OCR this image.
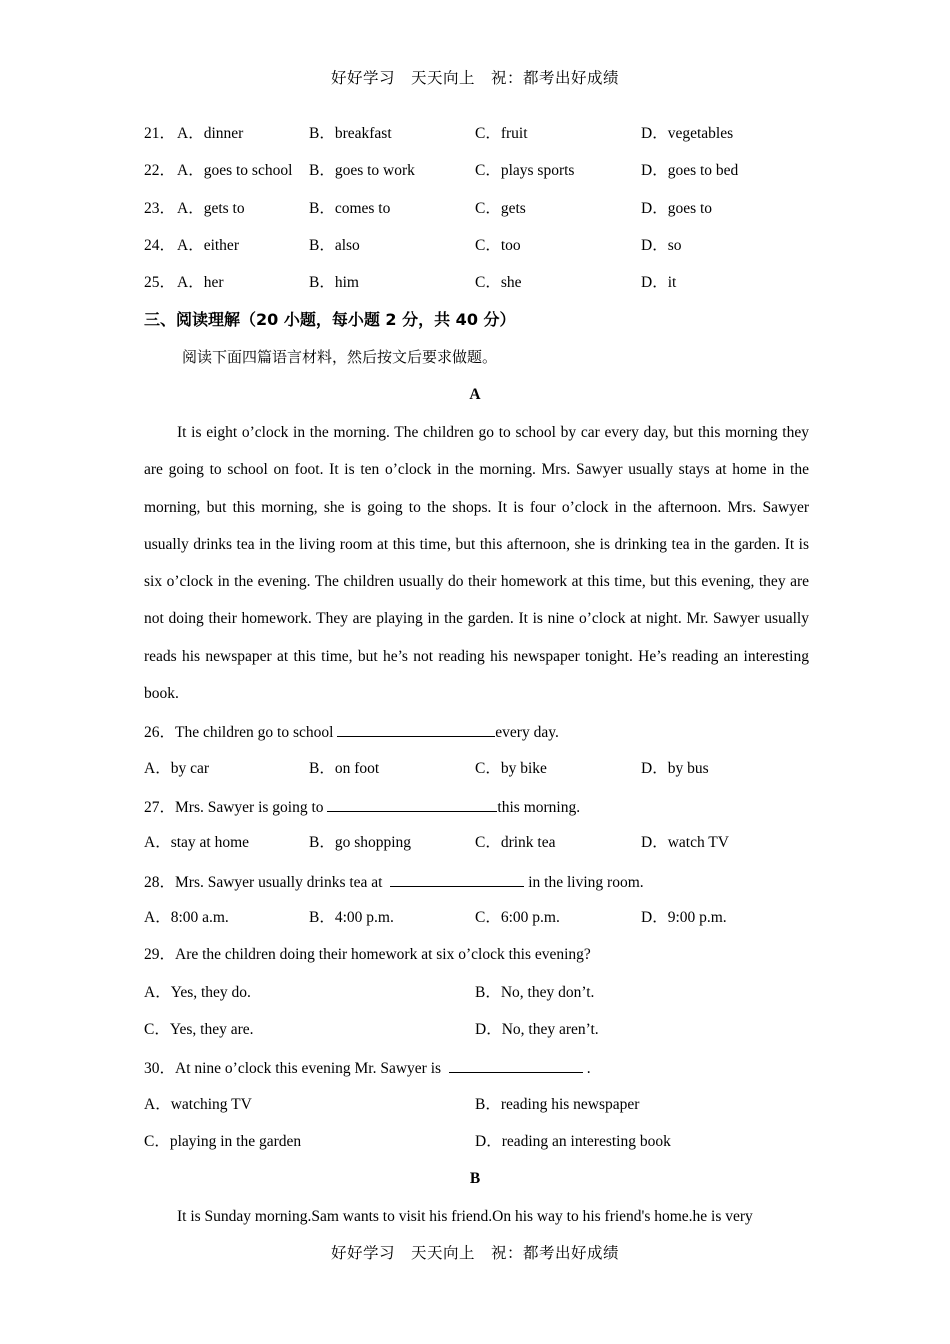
好好学习　天天向上　祝：都考出好成绩
21． A．dinner	B．breakfast	C．fruit	D．vegetables
22． A．goes to school B．goes to work	C．plays sports	D．goes to bed
23． A．gets to	B．comes to	C．gets	D．goes to
24． A．either	B．also	C．too	D．so
25． A．her	B．him	C．she	D．it
三、阅读理解（20 小题，每小题 2 分，共 40 分）
阅读下面四篇语言材料，然后按文后要求做题。
A
It is eight o’clock in the morning. The children go to school by car every day, but this morning they are going to school on foot. It is ten o’clock in the morning. Mrs. Sawyer usually stays at home in the morning, but this morning, she is going to the shops. It is four o’clock in the afternoon. Mrs. Sawyer usually drinks tea in the living room at this time, but this afternoon, she is drinking tea in the garden. It is six o’clock in the evening. The children usually do their homework at this time, but this evening, they are not doing their homework. They are playing in the garden. It is nine o’clock at night. Mr. Sawyer usually reads his newspaper at this time, but he’s not reading his newspaper tonight. He’s reading an interesting book.
26．The children go to school	every day.
A．by car	B．on foot	C．by bike	D．by bus
27．Mrs. Sawyer is going to	this morning.
A．stay at home	B．go shopping	C．drink tea	D．watch TV
28．Mrs. Sawyer usually drinks tea at	in the living room.
A．8:00 a.m.	B．4:00 p.m.	C．6:00 p.m.	D．9:00 p.m.
29．Are the children doing their homework at six o’clock this evening?
A．Yes, they do.	B．No, they don’t.
C．Yes, they are.	D．No, they aren’t.
30．At nine o’clock this evening Mr. Sawyer is	.
A．watching TV	B．reading his newspaper
C．playing in the garden	D．reading an interesting book
B
It is Sunday morning.Sam wants to visit his friend.On his way to his friend's home.he is very
好好学习　天天向上　祝：都考出好成绩
